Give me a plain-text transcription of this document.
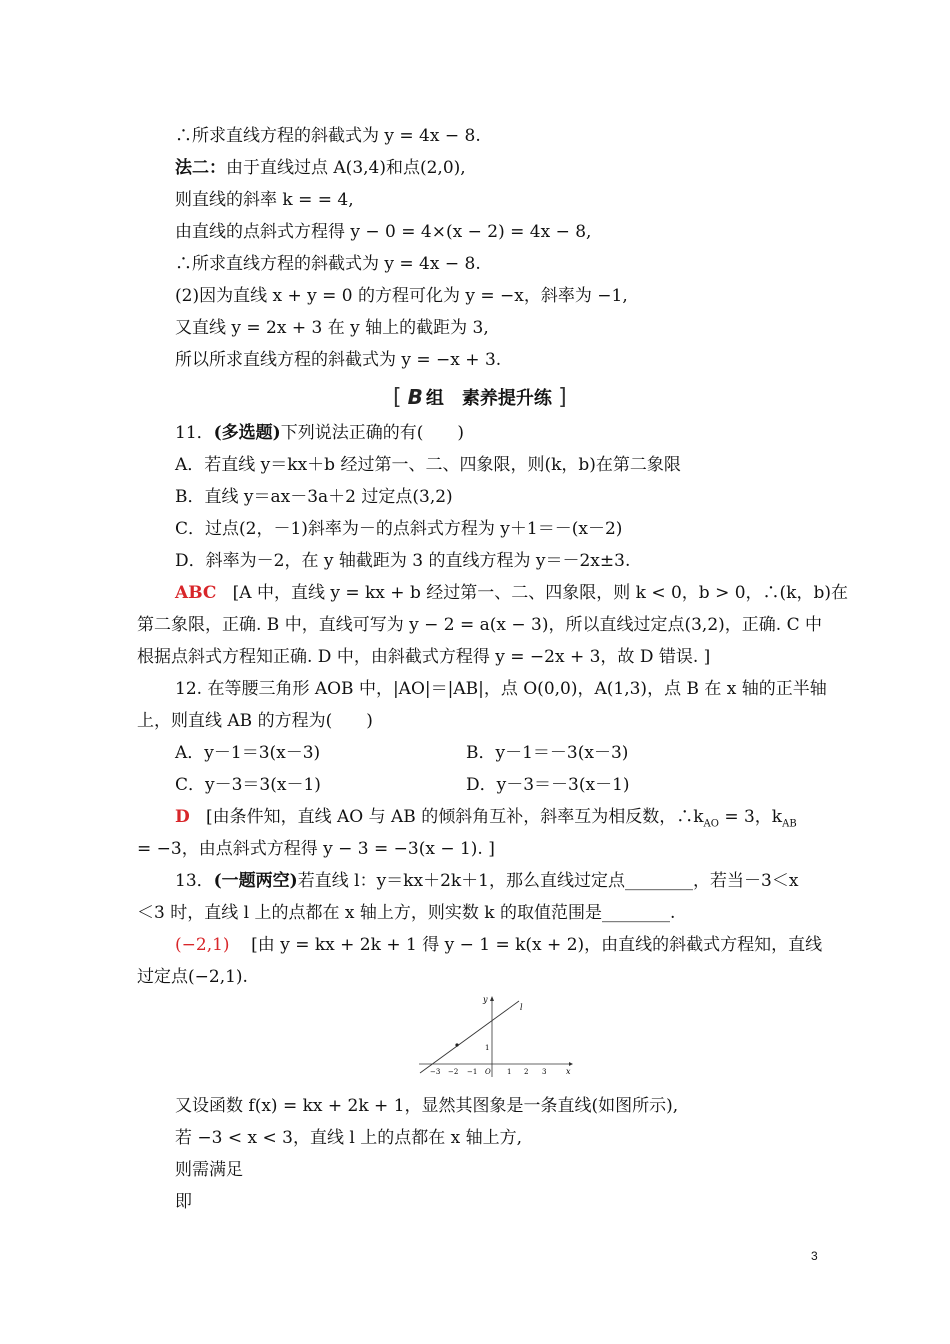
∴所求直线方程的斜截式为 y = 4x − 8.
法二：由于直线过点 A(3,4)和点(2,0),
则直线的斜率 k = = 4,
由直线的点斜式方程得 y − 0 = 4×(x − 2) = 4x − 8,
∴所求直线方程的斜截式为 y = 4x − 8.
(2)因为直线 x + y = 0 的方程可化为 y = −x，斜率为 −1,
又直线 y = 2x + 3 在 y 轴上的截距为 3,
所以所求直线方程的斜截式为 y = −x + 3.
[ B 组　素养提升练 ]
11．(多选题)下列说法正确的有(　　)
A．若直线 y＝kx＋b 经过第一、二、四象限，则(k，b)在第二象限
B．直线 y＝ax－3a＋2 过定点(3,2)
C．过点(2，－1)斜率为－的点斜式方程为 y＋1＝－(x－2)
D．斜率为－2，在 y 轴截距为 3 的直线方程为 y＝－2x±3.
ABC [A 中，直线 y = kx + b 经过第一、二、四象限，则 k < 0，b > 0，∴(k，b)在
第二象限，正确. B 中，直线可写为 y − 2 = a(x − 3)，所以直线过定点(3,2)，正确. C 中
根据点斜式方程知正确. D 中，由斜截式方程得 y = −2x + 3，故 D 错误. ]
12. 在等腰三角形 AOB 中，|AO|＝|AB|，点 O(0,0)，A(1,3)，点 B 在 x 轴的正半轴
上，则直线 AB 的方程为(　　)
A．y－1＝3(x－3)	B．y－1＝－3(x－3)
C．y－3＝3(x－1)	D．y－3＝－3(x－1)
D [由条件知，直线 AO 与 AB 的倾斜角互补，斜率互为相反数，$\therefore k_{AO} = 3$，$k_{AB}$
= −3，由点斜式方程得 y − 3 = −3(x − 1). ]
13．(一题两空)若直线 l：y＝kx＋2k＋1，那么直线过定点________，若当－3＜x
＜3 时，直线 l 上的点都在 x 轴上方，则实数 k 的取值范围是________.
(−2,1) [由 y = kx + 2k + 1 得 y − 1 = k(x + 2)，由直线的斜截式方程知，直线
过定点(−2,1).
y
x
l
1
−3 −2 −1 O 1 2 3
又设函数 f(x) = kx + 2k + 1，显然其图象是一条直线(如图所示),
若 −3 < x < 3，直线 l 上的点都在 x 轴上方,
则需满足
即
3
